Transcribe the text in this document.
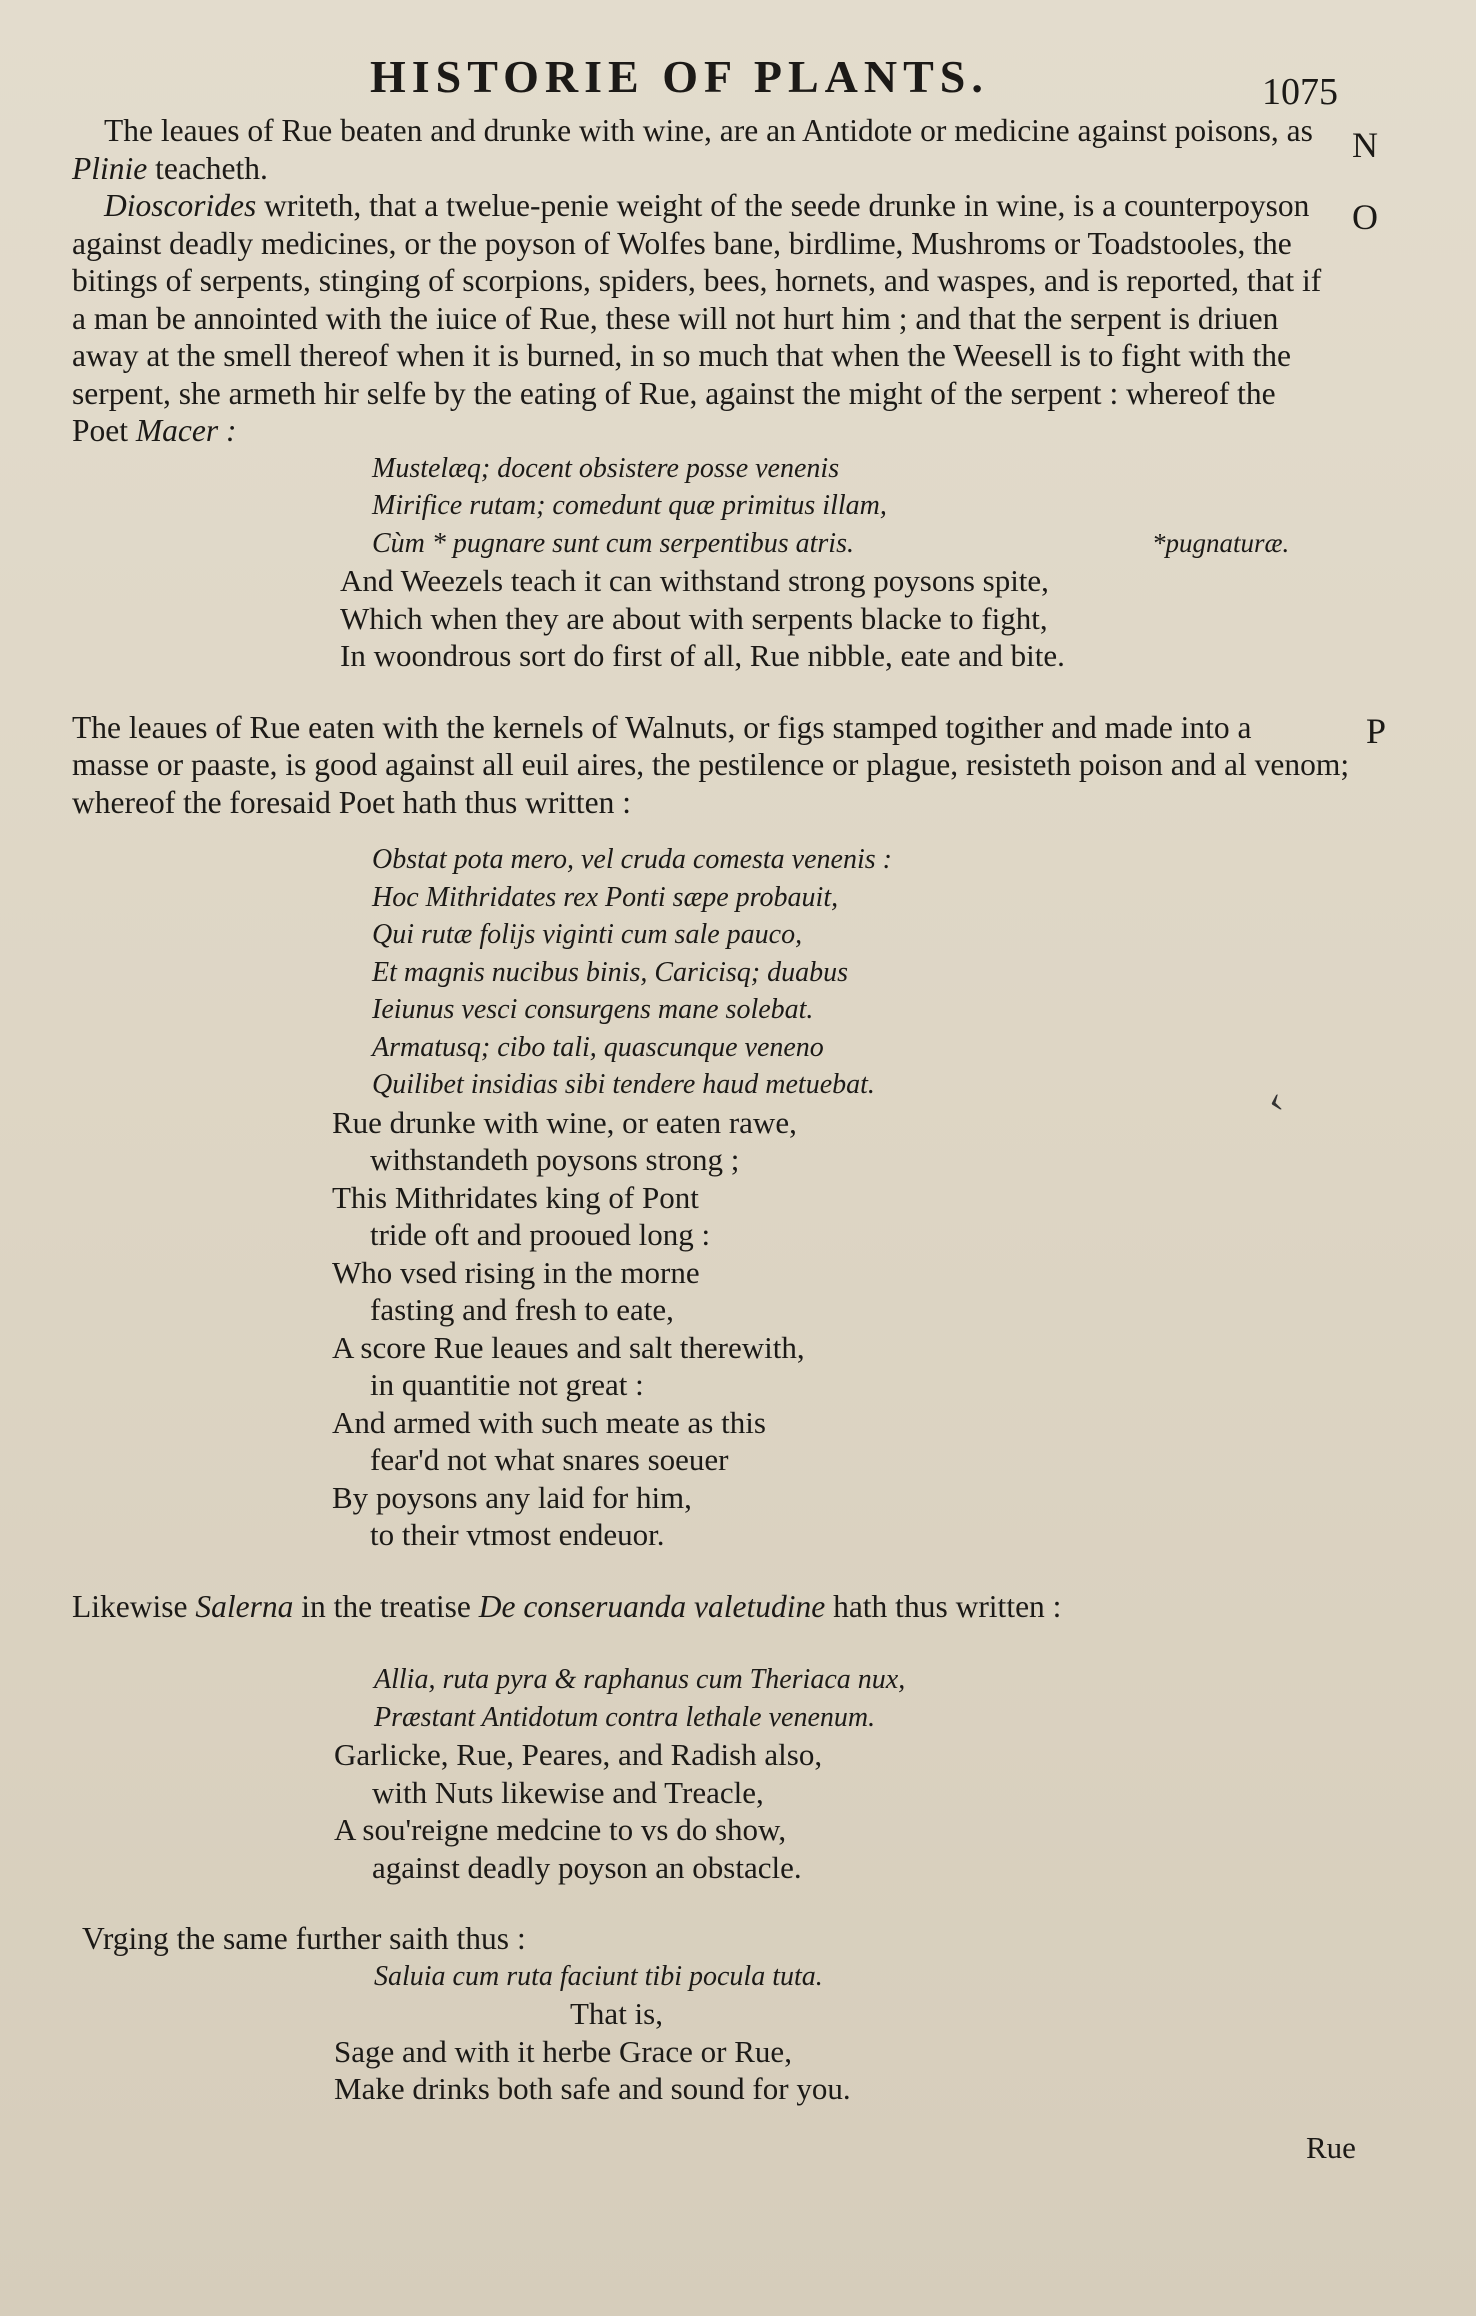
HISTORIE OF PLANTS.	1075
N
O
P
*pugnaturæ.
‹

The leaues of Rue beaten and drunke with wine, are an Antidote or medicine against poisons, as

Plinie teacheth.

Dioscorides writeth, that a twelue-penie weight of the seede drunke in wine, is a counterpoyson

against deadly medicines, or the poyson of Wolfes bane, birdlime, Mushroms or Toadstooles, the

bitings of serpents, stinging of scorpions, spiders, bees, hornets, and waspes, and is reported, that if

a man be annointed with the iuice of Rue, these will not hurt him ; and that the serpent is driuen

away at the smell thereof when it is burned, in so much that when the Weesell is to fight with the

serpent, she armeth hir selfe by the eating of Rue, against the might of the serpent : whereof the

Poet Macer :

Mustelæq; docent obsistere posse venenis

Mirifice rutam; comedunt quæ primitus illam,

Cùm * pugnare sunt cum serpentibus atris.

And Weezels teach it can withstand strong poysons spite,

Which when they are about with serpents blacke to fight,

In woondrous sort do first of all, Rue nibble, eate and bite.

The leaues of Rue eaten with the kernels of Walnuts, or figs stamped togither and made into a

masse or paaste, is good against all euil aires, the pestilence or plague, resisteth poison and al venom;

whereof the foresaid Poet hath thus written :

Obstat pota mero, vel cruda comesta venenis :

Hoc Mithridates rex Ponti sæpe probauit,

Qui rutæ folijs viginti cum sale pauco,

Et magnis nucibus binis, Caricisq; duabus

Ieiunus vesci consurgens mane solebat.

Armatusq; cibo tali, quascunque veneno

Quilibet insidias sibi tendere haud metuebat.

Rue drunke with wine, or eaten rawe,

withstandeth poysons strong ;

This Mithridates king of Pont

tride oft and prooued long :

Who vsed rising in the morne

fasting and fresh to eate,

A score Rue leaues and salt therewith,

in quantitie not great :

And armed with such meate as this

fear'd not what snares soeuer

By poysons any laid for him,

to their vtmost endeuor.

Likewise Salerna in the treatise De conseruanda valetudine hath thus written :

Allia, ruta pyra & raphanus cum Theriaca nux,

Præstant Antidotum contra lethale venenum.

Garlicke, Rue, Peares, and Radish also,

with Nuts likewise and Treacle,

A sou'reigne medcine to vs do show,

against deadly poyson an obstacle.

Vrging the same further saith thus :

Saluia cum ruta faciunt tibi pocula tuta.

That is,

Sage and with it herbe Grace or Rue,

Make drinks both safe and sound for you.

Rue
